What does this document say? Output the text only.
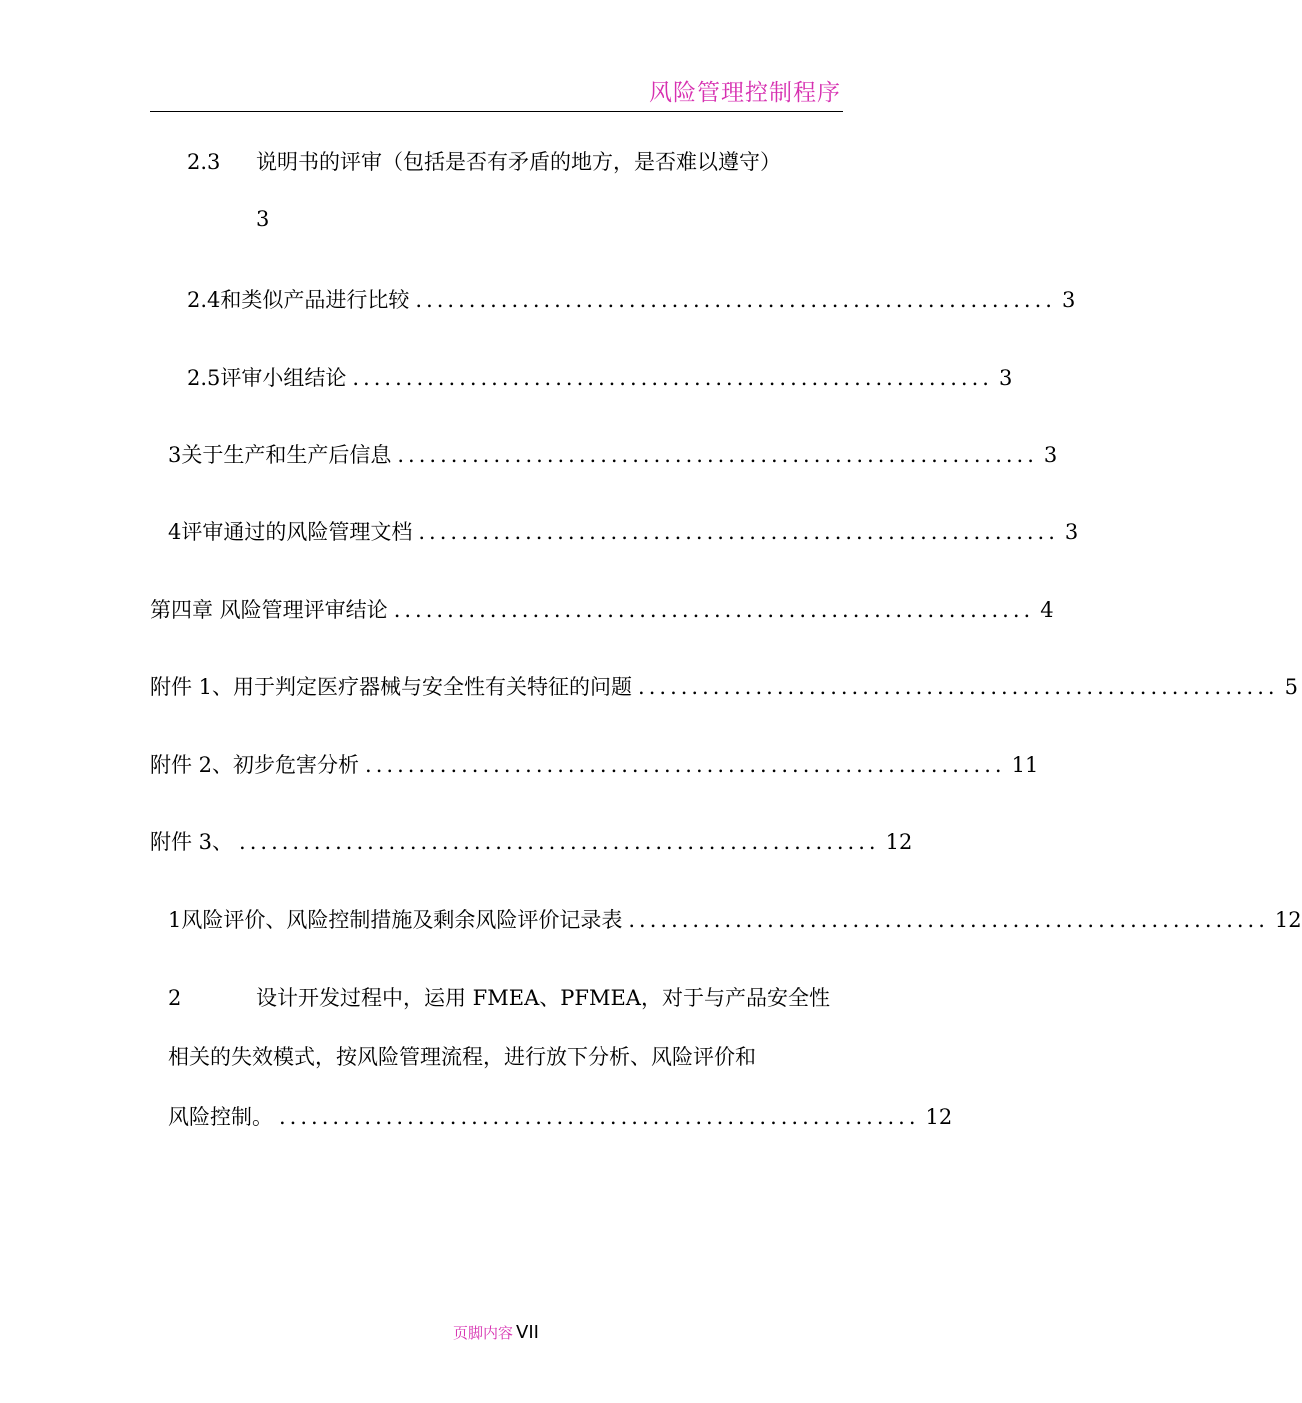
风险管理控制程序
2.3	说明书的评审（包括是否有矛盾的地方，是否难以遵守）
3
2.4 和类似产品进行比较 ............................................................ 3
2.5 评审小组结论 ............................................................ 3
3 关于生产和生产后信息 ............................................................ 3
4 评审通过的风险管理文档 ............................................................ 3
第四章 风险管理评审结论 ............................................................ 4
附件 1、用于判定医疗器械与安全性有关特征的问题 ............................................................ 5
附件 2、初步危害分析 ............................................................ 11
附件 3、 ............................................................ 12
1 风险评价、风险控制措施及剩余风险评价记录表 ............................................................ 12
2	设计开发过程中，运用 FMEA、PFMEA，对于与产品安全性
相关的失效模式，按风险管理流程，进行放下分析、风险评价和
风险控制。 ............................................................ 12
页脚内容 VII
